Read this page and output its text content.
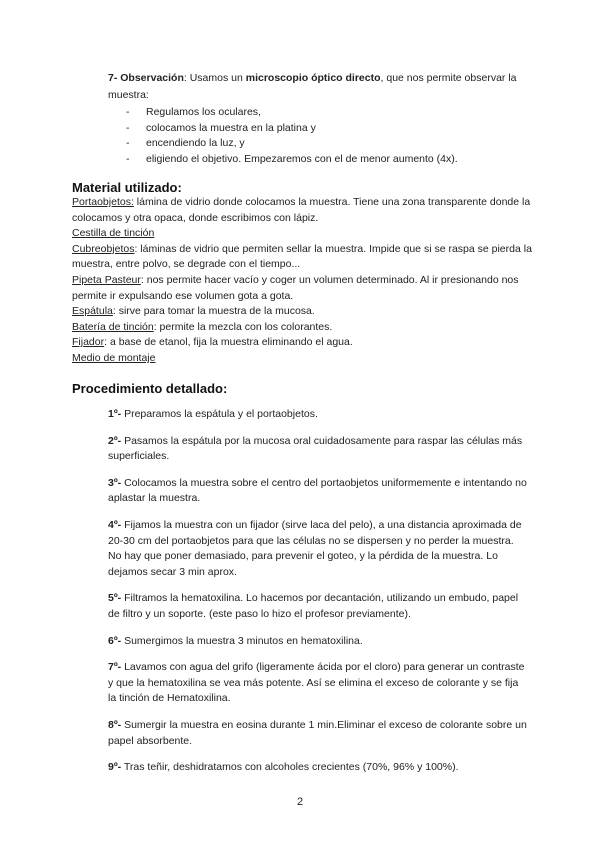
7- Observación: Usamos un microscopio óptico directo, que nos permite observar la muestra:
- Regulamos los oculares,
- colocamos la muestra en la platina y
- encendiendo la luz, y
- eligiendo el objetivo. Empezaremos con el de menor aumento (4x).
Material utilizado:

Portaobjetos: lámina de vidrio donde colocamos la muestra. Tiene una zona transparente donde la colocamos y otra opaca, donde escribimos con lápiz.

Cestilla de tinción

Cubreobjetos: láminas de vidrio que permiten sellar la muestra. Impide que si se raspa se pierda la muestra, entre polvo, se degrade con el tiempo...

Pipeta Pasteur: nos permite hacer vacío y coger un volumen determinado. Al ir presionando nos permite ir expulsando ese volumen gota a gota.

Espátula: sirve para tomar la muestra de la mucosa.

Batería de tinción: permite la mezcla con los colorantes.

Fijador: a base de etanol, fija la muestra eliminando el agua.

Medio de montaje

Procedimiento detallado:

1º- Preparamos la espátula y el portaobjetos.

2º- Pasamos la espátula por la mucosa oral cuidadosamente para raspar las células más superficiales.

3º- Colocamos la muestra sobre el centro del portaobjetos uniformemente e intentando no aplastar la muestra.

4º- Fijamos la muestra con un fijador (sirve laca del pelo), a una distancia aproximada de 20-30 cm del portaobjetos para que las células no se dispersen y no perder la muestra. No hay que poner demasiado, para prevenir el goteo, y la pérdida de la muestra. Lo dejamos secar 3 min aprox.

5º- Filtramos la hematoxilina. Lo hacemos por decantación, utilizando un embudo, papel de filtro y un soporte. (este paso lo hizo el profesor previamente).

6º- Sumergimos la muestra 3 minutos en hematoxilina.

7º- Lavamos con agua del grifo (ligeramente ácida por el cloro) para generar un contraste y que la hematoxilina se vea más potente. Así se elimina el exceso de colorante y se fija la tinción de Hematoxilina.

8º- Sumergir la muestra en eosina durante 1 min.Eliminar el exceso de colorante sobre un papel absorbente.

9º- Tras teñir, deshidratamos con alcoholes crecientes (70%, 96% y 100%).

2
